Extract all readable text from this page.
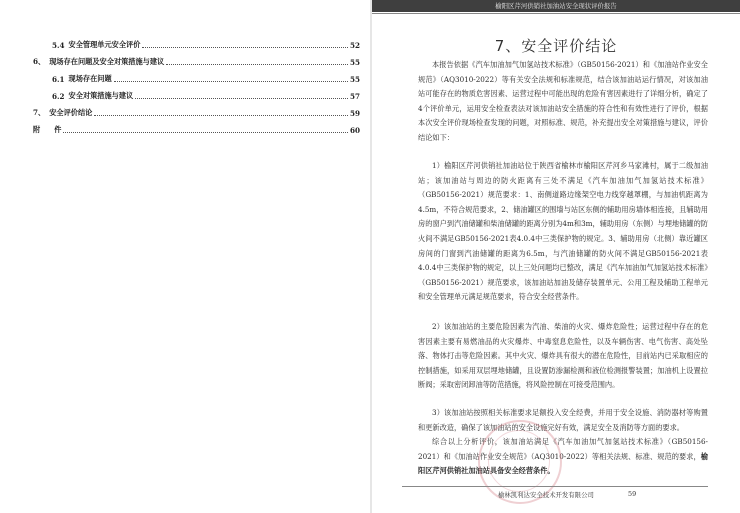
5.4 安全管理单元安全评价	52
6、 现场存在问题及安全对策措施与建议	55
6.1 现场存在问题	55
6.2 安全对策措施与建议	57
7、 安全评价结论	59
附 件	60
榆阳区芹河供销社加油站安全现状评价报告
7、安全评价结论
本报告依据《汽车加油加气加氢站技术标准》（GB50156-2021）和《加油站作业安全规范》（AQ3010-2022）等有关安全法规和标准规范，结合该加油站运行情况，对该加油站可能存在的物质危害因素、运营过程中可能出现的危险有害因素进行了详细分析，确定了4个评价单元，运用安全检查表法对该加油站安全措施的符合性和有效性进行了评价，根据本次安全评价现场检查发现的问题，对照标准、规范，补充提出安全对策措施与建议，评价结论如下：
1）榆阳区芹河供销社加油站位于陕西省榆林市榆阳区芹河乡马家滩村，属于二级加油站；该加油站与周边的防火距离有三处不满足《汽车加油加气加氢站技术标准》（GB50156-2021）规范要求：1、南侧道路边缘架空电力线穿越罩棚，与加油机距离为4.5m，不符合规范要求，2、储油罐区的围墙与站区东侧的辅助用房墙体相连接，且辅助用房的窗户到汽油储罐和柴油储罐的距离分别为4m和3m，辅助用房（东侧）与埋地储罐的防火间不满足GB50156-2021表4.0.4中三类保护物的规定。3、辅助用房（北侧）靠近罐区房间的门窗到汽油储罐的距离为6.5m，与汽油储罐的防火间不满足GB50156-2021表4.0.4中三类保护物的规定，以上三处问题均已整改，满足《汽车加油加气加氢站技术标准》（GB50156-2021）规范要求，该加油站加油及储存装置单元、公用工程及辅助工程单元和安全管理单元满足规范要求，符合安全经营条件。
2）该加油站的主要危险因素为汽油、柴油的火灾、爆炸危险性；运营过程中存在的危害因素主要有易燃油品的火灾爆炸、中毒窒息危险性，以及车辆伤害、电气伤害、高处坠落、物体打击等危险因素。其中火灾、爆炸具有很大的潜在危险性，目前站内已采取相应的控制措施，如采用双层埋地储罐，且设置防渗漏检测和液位检测报警装置；加油机上设置拉断阀；采取密闭卸油等防范措施，将风险控制在可接受范围内。
3）该加油站按照相关标准要求足额投入安全经费，并用于安全设施、消防器材等购置和更新改造，确保了该加油站的安全设施完好有效，满足安全及消防等方面的要求。
综合以上分析评价，该加油站满足《汽车加油加气加氢站技术标准》（GB50156-2021）和《加油站作业安全规范》（AQ3010-2022）等相关法规、标准、规范的要求，榆阳区芹河供销社加油站具备安全经营条件。
榆林凯利达安全技术开发有限公司	59
